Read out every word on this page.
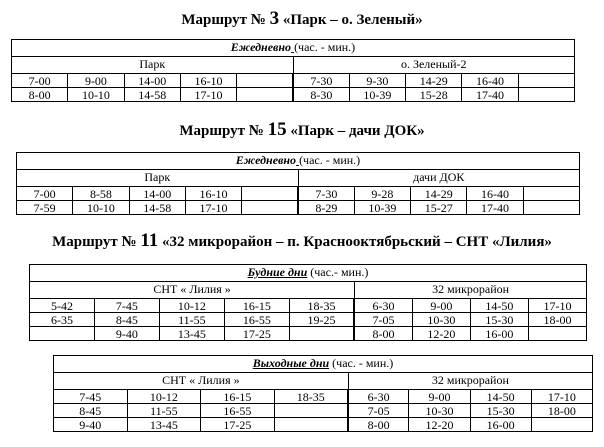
Маршрут № 3 «Парк – о. Зеленый»
Ежедневно (час. - мин.)
Парк	о. Зеленый-2
7-00	9-00	14-00	16-10		7-30	9-30	14-29	16-40	
8-00	10-10	14-58	17-10		8-30	10-39	15-28	17-40	
Маршрут № 15 «Парк – дачи ДОК»
Ежедневно (час. - мин.)
Парк	дачи ДОК
7-00	8-58	14-00	16-10		7-30	9-28	14-29	16-40	
7-59	10-10	14-58	17-10		8-29	10-39	15-27	17-40	
Маршрут № 11 «32 микрорайон – п. Краснооктябрьский – СНТ «Лилия»
Будние дни (час.- мин.)
СНТ « Лилия »	32 микрорайон
5-42	7-45	10-12	16-15	18-35	6-30	9-00	14-50	17-10
6-35	8-45	11-55	16-55	19-25	7-05	10-30	15-30	18-00
	9-40	13-45	17-25		8-00	12-20	16-00	
Выходные дни (час. - мин.)
СНТ « Лилия »	32 микрорайон
7-45	10-12	16-15	18-35	6-30	9-00	14-50	17-10
8-45	11-55	16-55		7-05	10-30	15-30	18-00
9-40	13-45	17-25		8-00	12-20	16-00	
